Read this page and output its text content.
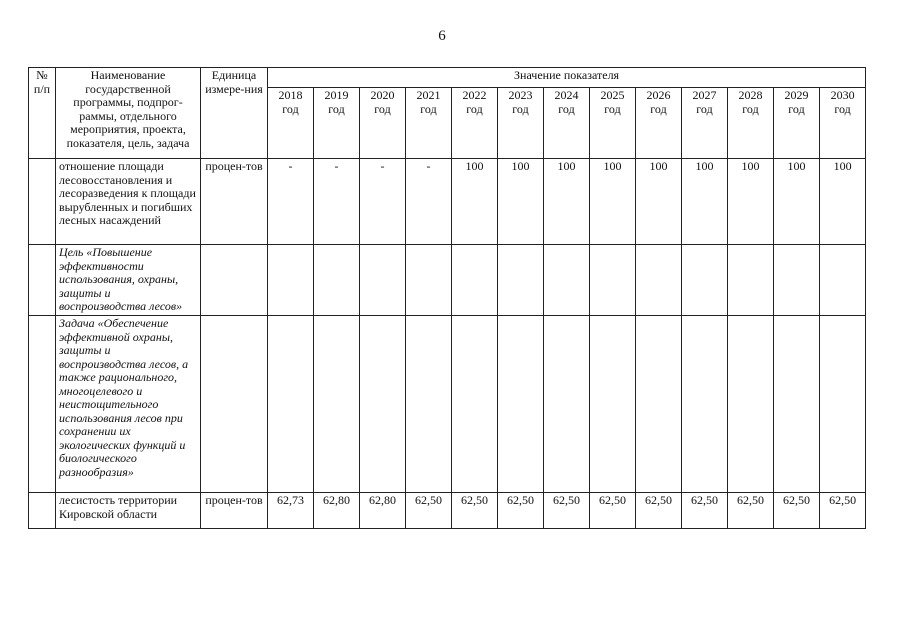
6
№ п/п	Наименование государственной программы, подпрог-раммы, отдельного мероприятия, проекта, показателя, цель, задача	Единица измере-ния	Значение показателя												
			2018 год	2019 год	2020 год	2021 год	2022 год	2023 год	2024 год	2025 год	2026 год	2027 год	2028 год	2029 год	2030 год
	отношение площади лесовосстановления и лесоразведения к площади вырубленных и погибших лесных насаждений	процен-тов	-	-	-	-	100	100	100	100	100	100	100	100	100
	Цель «Повышение эффективности использования, охраны, защиты и воспроизводства лесов»														
	Задача «Обеспечение эффективной охраны, защиты и воспроизводства лесов, а также рационального, многоцелевого и неистощительного использования лесов при сохранении их экологических функций и биологического разнообразия»														
	лесистость территории Кировской области	процен-тов	62,73	62,80	62,80	62,50	62,50	62,50	62,50	62,50	62,50	62,50	62,50	62,50	62,50
